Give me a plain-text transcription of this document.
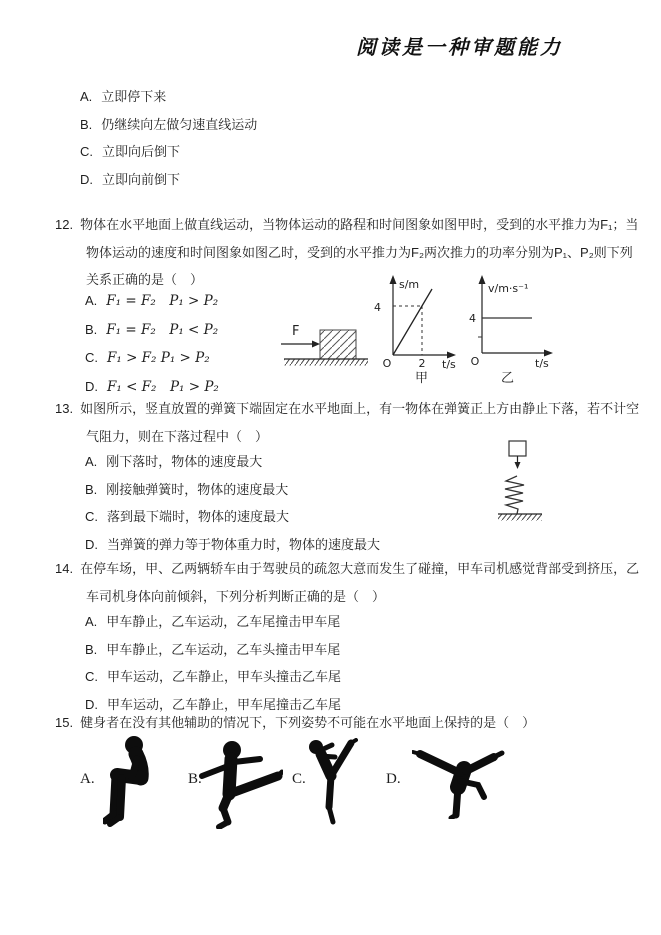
阅读是一种审题能力
A. 立即停下来
B. 仍继续向左做匀速直线运动
C. 立即向后倒下
D. 立即向前倒下
12. 物体在水平地面上做直线运动，当物体运动的路程和时间图象如图甲时，受到的水平推力为F₁；当物体运动的速度和时间图象如图乙时，受到的水平推力为F₂两次推力的功率分别为P₁、P₂则下列关系正确的是（　）
A. F₁ = F₂　P₁ > P₂
B. F₁ = F₂　P₁ < P₂
C. F₁ > F₂ P₁ > P₂
D. F₁ < F₂　P₁ > P₂
F
s/m
t/s
4
2
O
甲
v/m·s⁻¹
t/s
4
O
乙
13. 如图所示，竖直放置的弹簧下端固定在水平地面上，有一物体在弹簧正上方由静止下落，若不计空气阻力，则在下落过程中（　）
A. 刚下落时，物体的速度最大
B. 刚接触弹簧时，物体的速度最大
C. 落到最下端时，物体的速度最大
D. 当弹簧的弹力等于物体重力时，物体的速度最大
14. 在停车场，甲、乙两辆轿车由于驾驶员的疏忽大意而发生了碰撞，甲车司机感觉背部受到挤压，乙车司机身体向前倾斜，下列分析判断正确的是（　）
A. 甲车静止，乙车运动，乙车尾撞击甲车尾
B. 甲车静止，乙车运动，乙车头撞击甲车尾
C. 甲车运动，乙车静止，甲车头撞击乙车尾
D. 甲车运动，乙车静止，甲车尾撞击乙车尾
15. 健身者在没有其他辅助的情况下，下列姿势不可能在水平地面上保持的是（　）
A.	B.	C.	D.
